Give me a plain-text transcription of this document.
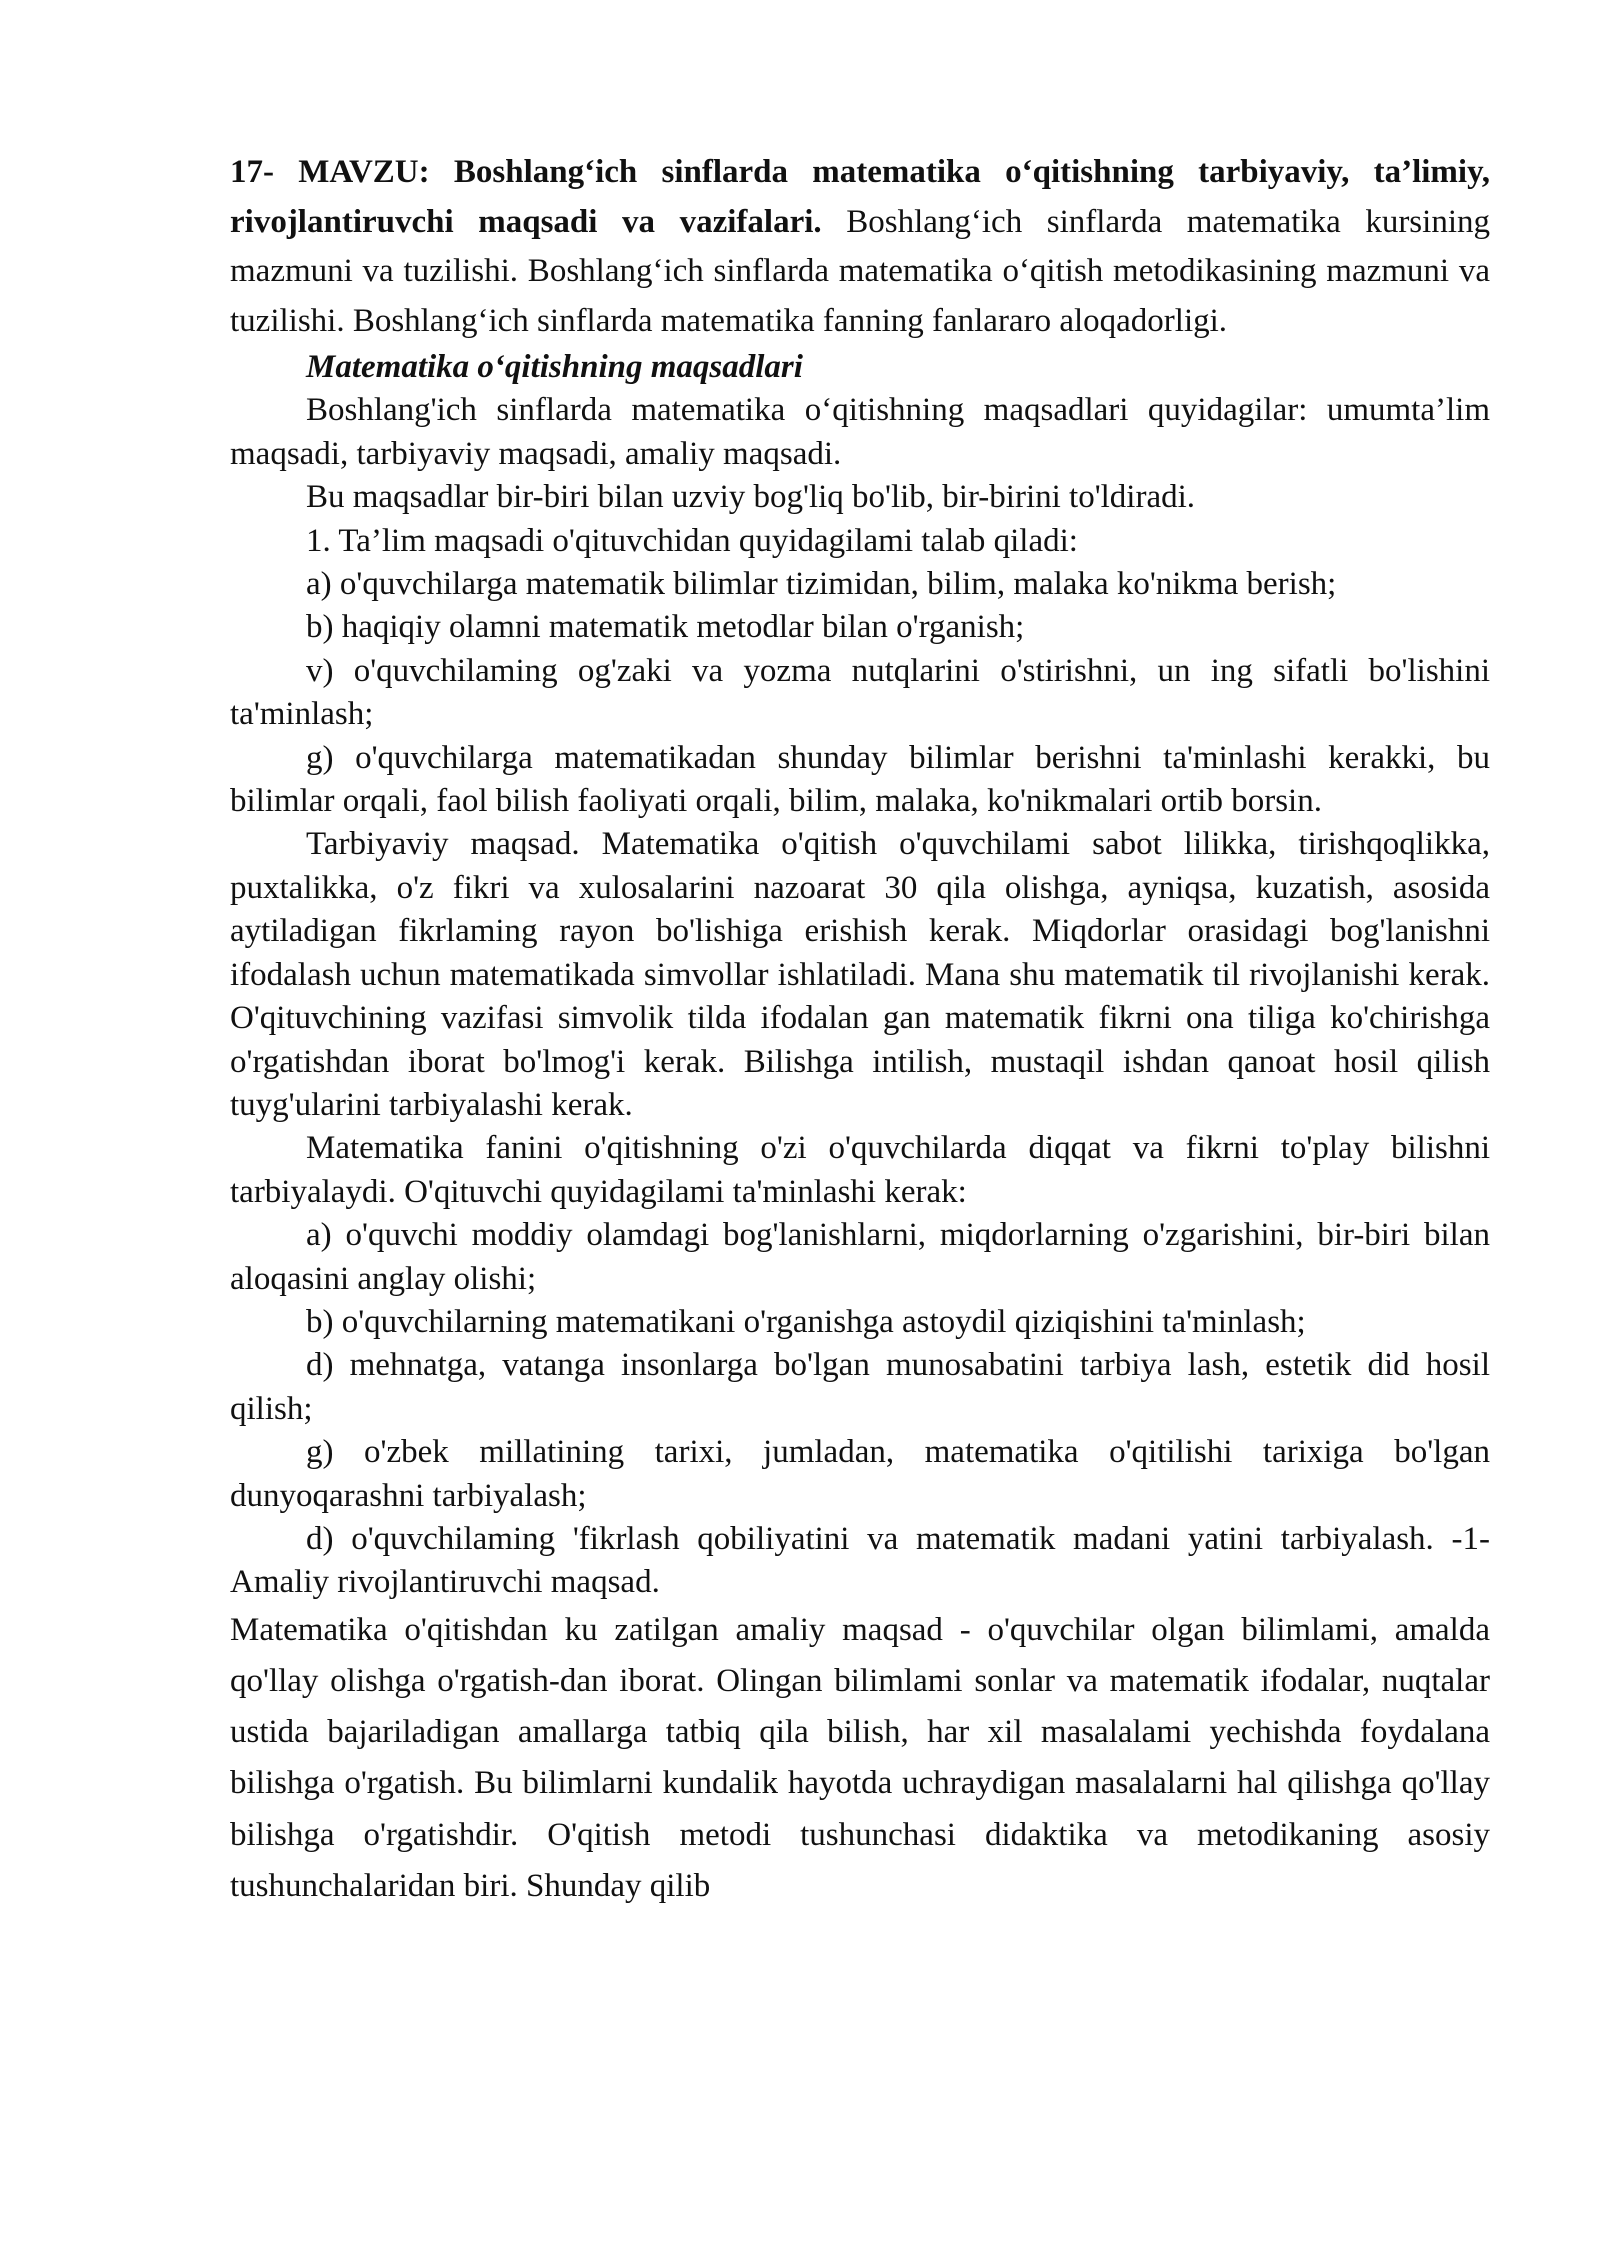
17- MAVZU: Boshlang‘ich sinflarda matematika o‘qitishning tarbiyaviy, ta’limiy, rivojlantiruvchi maqsadi va vazifalari. Boshlang‘ich sinflarda matematika kursining mazmuni va tuzilishi. Boshlang‘ich sinflarda matematika o‘qitish metodikasining mazmuni va tuzilishi. Boshlang‘ich sinflarda matematika fanning fanlararo aloqadorligi.

Matematika o‘qitishning maqsadlari

Boshlang'ich sinflarda matematika o‘qitishning maqsadlari quyidagilar: umumta’lim maqsadi, tarbiyaviy maqsadi, amaliy maqsadi.

Bu maqsadlar bir-biri bilan uzviy bog'liq bo'lib, bir-birini to'ldiradi.

1. Ta’lim maqsadi o'qituvchidan quyidagilami talab qiladi:

a) o'quvchilarga matematik bilimlar tizimidan, bilim, malaka ko'nikma berish;

b) haqiqiy olamni matematik metodlar bilan o'rganish;

v) o'quvchilaming og'zaki va yozma nutqlarini o'stirishni, un ing sifatli bo'lishini ta'minlash;

g) o'quvchilarga matematikadan shunday bilimlar berishni ta'minlashi kerakki, bu bilimlar orqali, faol bilish faoliyati orqali, bilim, malaka, ko'nikmalari ortib borsin.

Tarbiyaviy maqsad. Matematika o'qitish o'quvchilami sabot lilikka, tirishqoqlikka, puxtalikka, o'z fikri va xulosalarini nazoarat 30 qila olishga, ayniqsa, kuzatish, asosida aytiladigan fikrlaming rayon bo'lishiga erishish kerak. Miqdorlar orasidagi bog'lanishni ifodalash uchun matematikada simvollar ishlatiladi. Mana shu matematik til rivojlanishi kerak. O'qituvchining vazifasi simvolik tilda ifodalan gan matematik fikrni ona tiliga ko'chirishga o'rgatishdan iborat bo'lmog'i kerak. Bilishga intilish, mustaqil ishdan qanoat hosil qilish tuyg'ularini tarbiyalashi kerak.

Matematika fanini o'qitishning o'zi o'quvchilarda diqqat va fikrni to'play bilishni tarbiyalaydi. O'qituvchi quyidagilami ta'minlashi kerak:

a) o'quvchi moddiy olamdagi bog'lanishlarni, miqdorlarning o'zgarishini, bir-biri bilan aloqasini anglay olishi;

b) o'quvchilarning matematikani o'rganishga astoydil qiziqishini ta'minlash;

d) mehnatga, vatanga insonlarga bo'lgan munosabatini tarbiya lash, estetik did hosil qilish;

g) o'zbek millatining tarixi, jumladan, matematika o'qitilishi tarixiga bo'lgan dunyoqarashni tarbiyalash;

d) o'quvchilaming 'fikrlash qobiliyatini va matematik madani yatini tarbiyalash. -1-Amaliy rivojlantiruvchi maqsad.

Matematika o'qitishdan ku zatilgan amaliy maqsad - o'quvchilar olgan bilimlami, amalda qo'llay olishga o'rgatish-dan iborat. Olingan bilimlami sonlar va matematik ifodalar, nuqtalar ustida bajariladigan amallarga tatbiq qila bilish, har xil masalalami yechishda foydalana bilishga o'rgatish. Bu bilimlarni kundalik hayotda uchraydigan masalalarni hal qilishga qo'llay bilishga o'rgatishdir. O'qitish metodi tushunchasi didaktika va metodikaning asosiy tushunchalaridan biri. Shunday qilib
